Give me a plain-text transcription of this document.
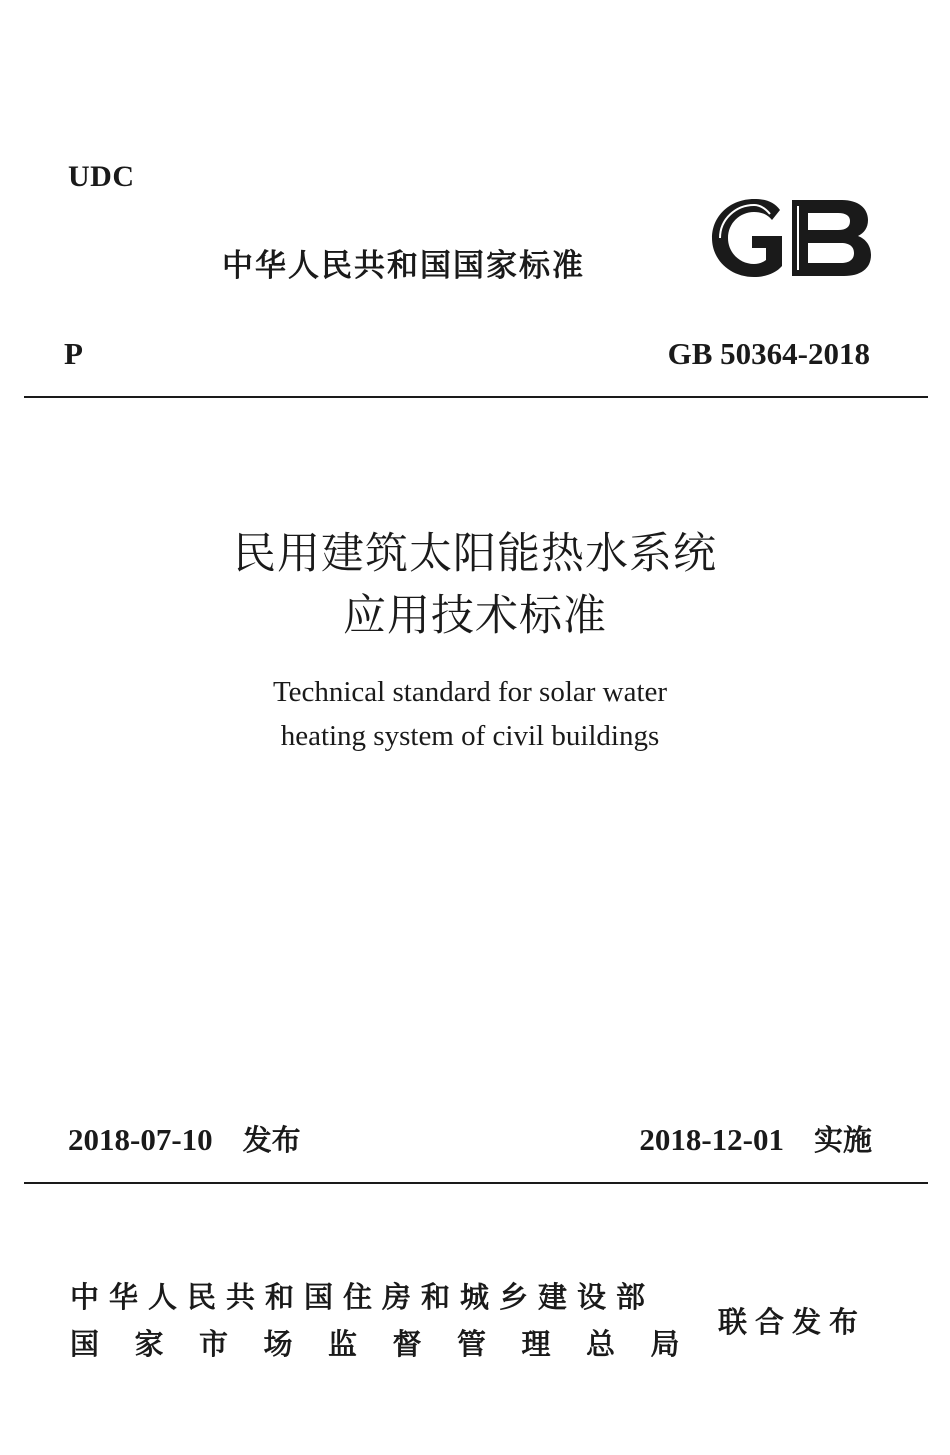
UDC
中华人民共和国国家标准
P	GB 50364-2018
民用建筑太阳能热水系统
应用技术标准
Technical standard for solar water
heating system of civil buildings
2018-07-10 发布	2018-12-01 实施
中华人民共和国住房和城乡建设部
国家市场监督管理总局
联合发布
